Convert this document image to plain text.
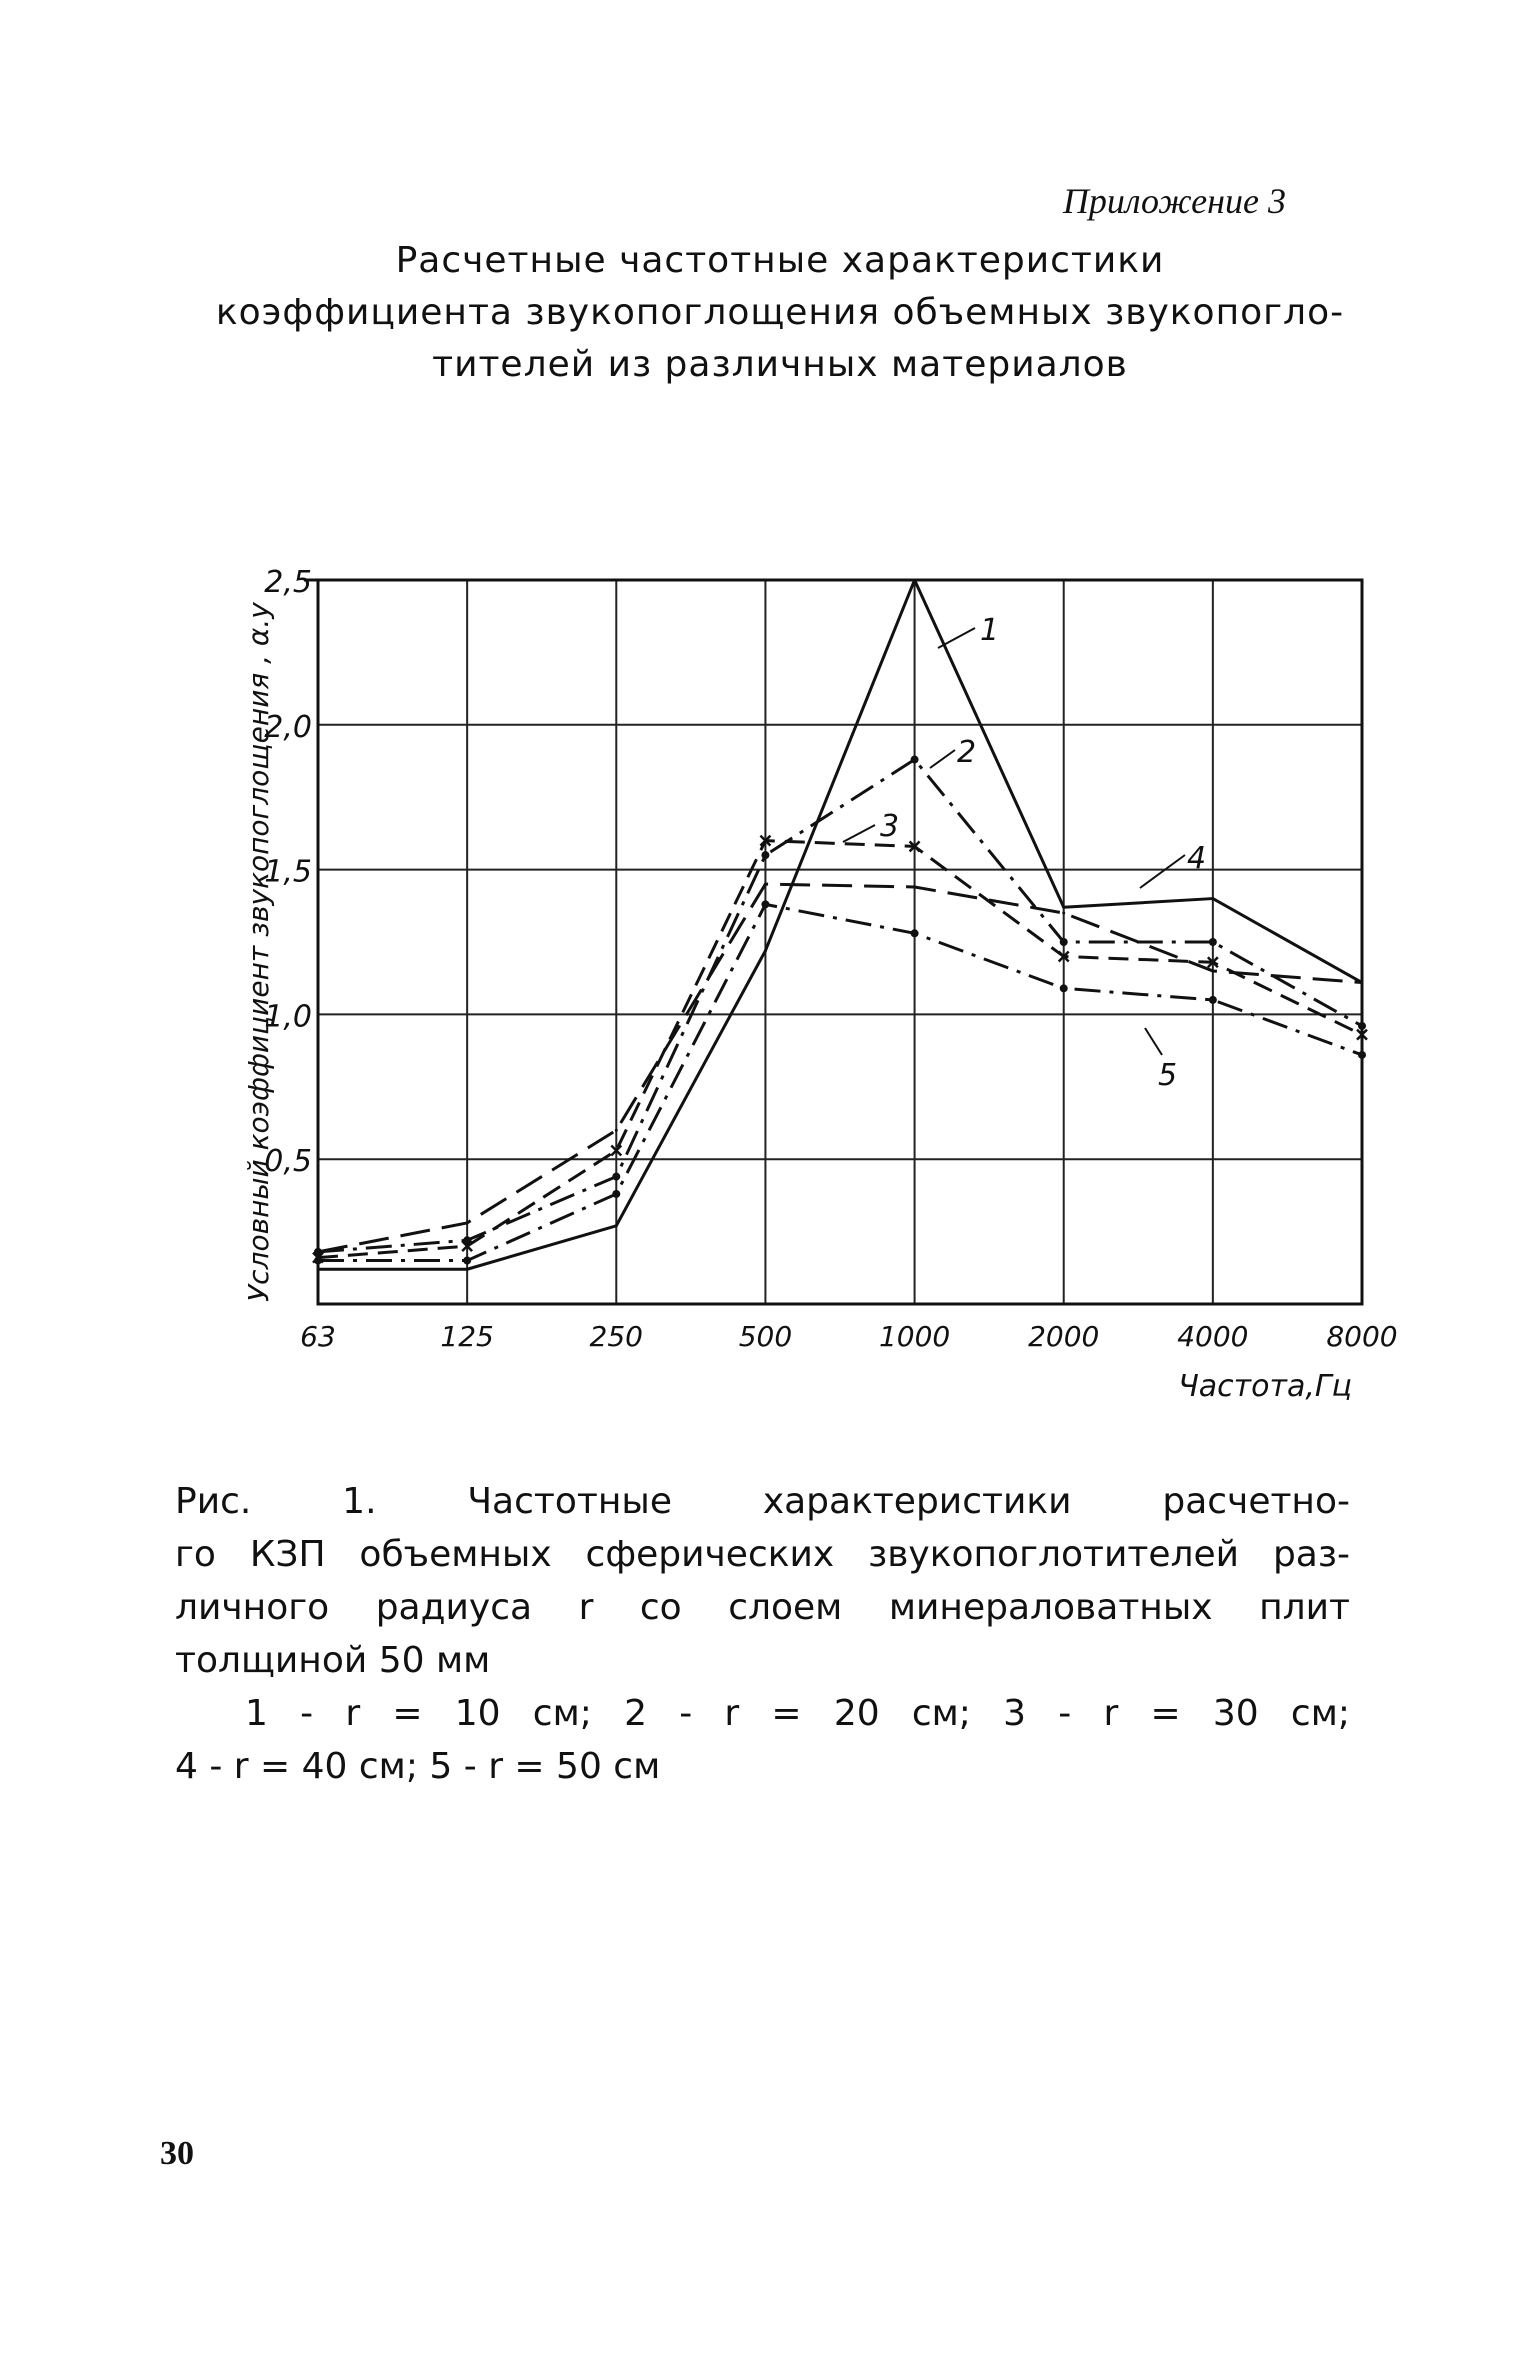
Приложение 3

Расчетные частотные характеристики
коэффициента звукопоглощения объемных звукопогло-
тителей из различных материалов
1
2
3
4
5
2,5
2,0
1,5
1,0
0,5
63	125	250	500	1000	2000	4000	8000
Частота,Гц
Условный коэффициент звукопоглощения , α.у
Рис. 1. Частотные характеристики расчетно-
го КЗП объемных сферических звукопоглотителей раз-
личного радиуса r со слоем минераловатных плит
толщиной 50 мм
1 - r = 10 см; 2 - r = 20 см; 3 - r = 30 см;
4 - r = 40 см; 5 - r = 50 см

30
